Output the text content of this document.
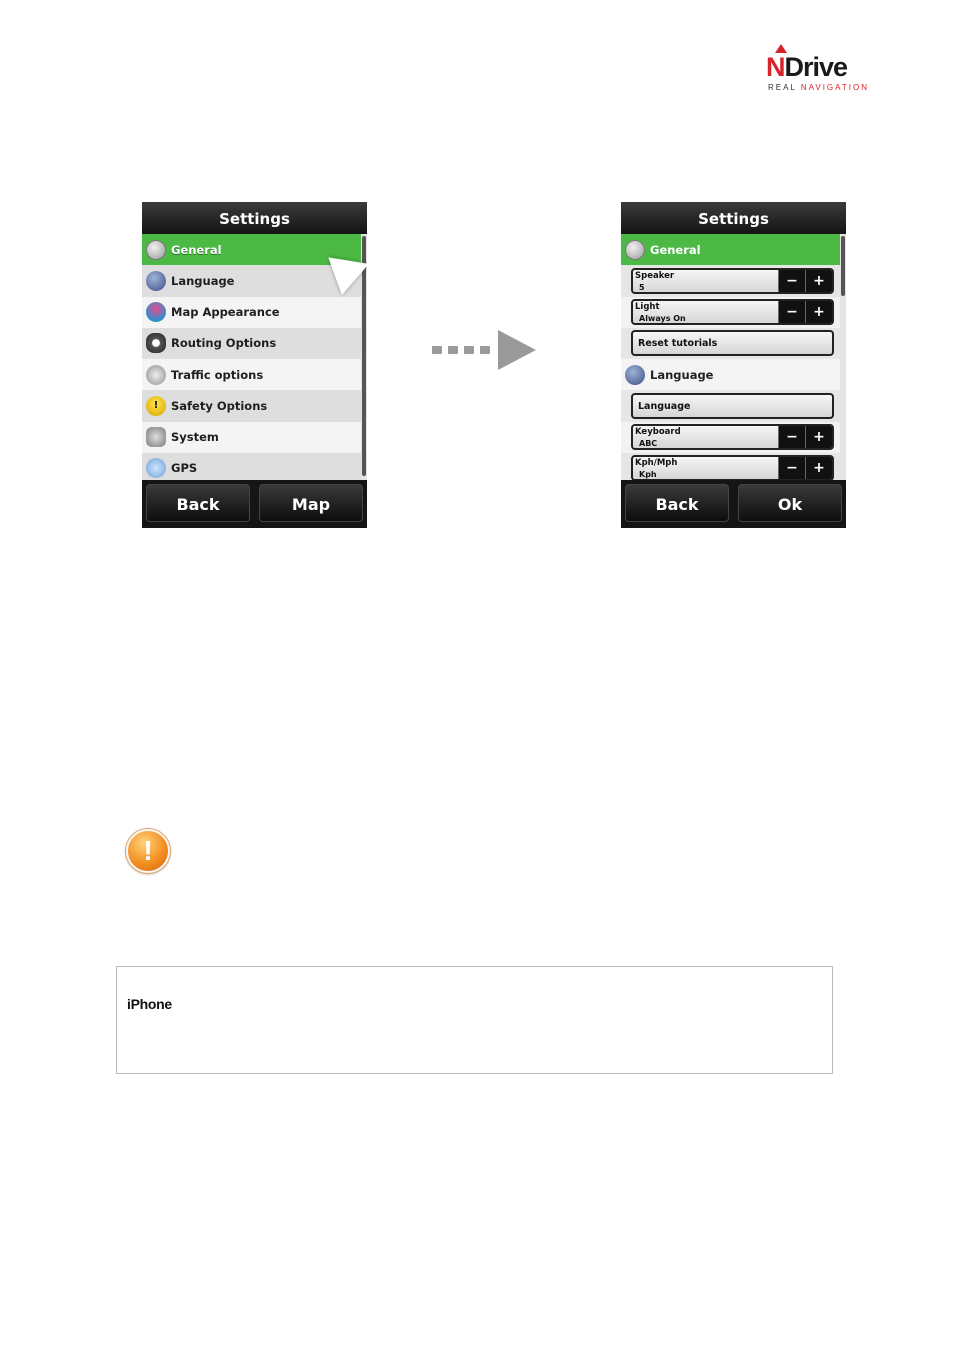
NDrive
REAL NAVIGATION
Settings
General
Language
Map Appearance
Routing Options
Traffic options
!	Safety Options
System
GPS
Back	Map
Settings
General
Speaker
5	−	+
Light
Always On	−	+
Reset tutorials
Language
Language
Keyboard
ABC	−	+
Kph/Mph
Kph	−	+
Back	Ok
!
iPhone
